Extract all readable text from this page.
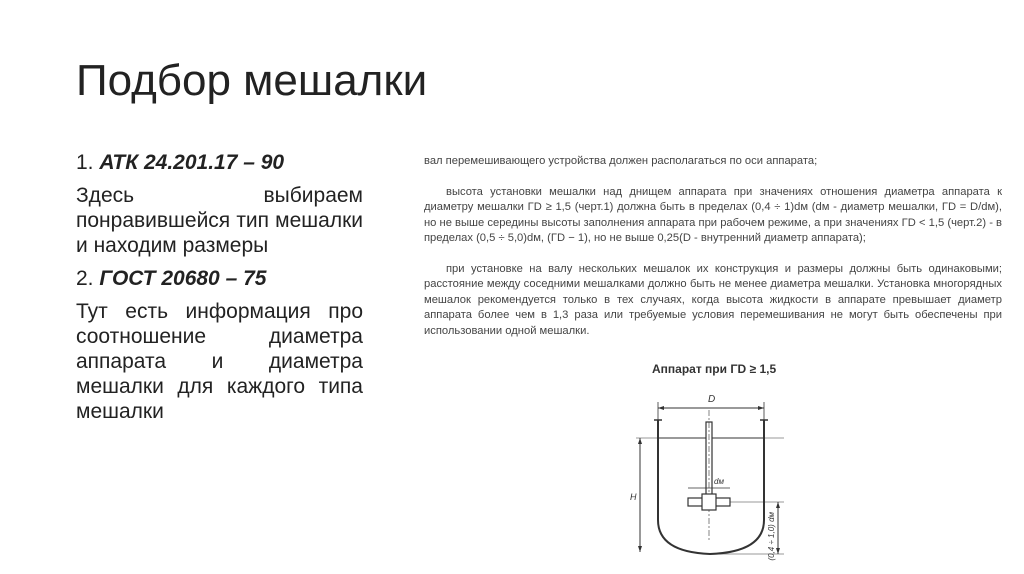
Подбор мешалки

1. АТК 24.201.17 – 90

Здесь выбираем понравившейся тип мешалки и находим размеры

2. ГОСТ 20680 – 75

Тут есть информация про соотношение диаметра аппарата и диаметра мешалки для каждого типа мешалки

вал перемешивающего устройства должен располагаться по оси аппарата;

высота установки мешалки над днищем аппарата при значениях отношения диаметра аппарата к диаметру мешалки ΓD ≥ 1,5 (черт.1) должна быть в пределах (0,4 ÷ 1)dм (dм - диаметр мешалки, ΓD = D/dм), но не выше середины высоты заполнения аппарата при рабочем режиме, а при значениях ΓD < 1,5 (черт.2) - в пределах (0,5 ÷ 5,0)dм, (ΓD − 1), но не выше 0,25(D - внутренний диаметр аппарата);

при установке на валу нескольких мешалок их конструкция и размеры должны быть одинаковыми; расстояние между соседними мешалками должно быть не менее диаметра мешалки. Установка многорядных мешалок рекомендуется только в тех случаях, когда высота жидкости в аппарате превышает диаметр аппарата более чем в 1,3 раза или требуемые условия перемешивания не могут быть обеспечены при использовании одной мешалки.

Аппарат при ΓD ≥ 1,5
D
H
dм
(0,4 ÷ 1,0) dм
